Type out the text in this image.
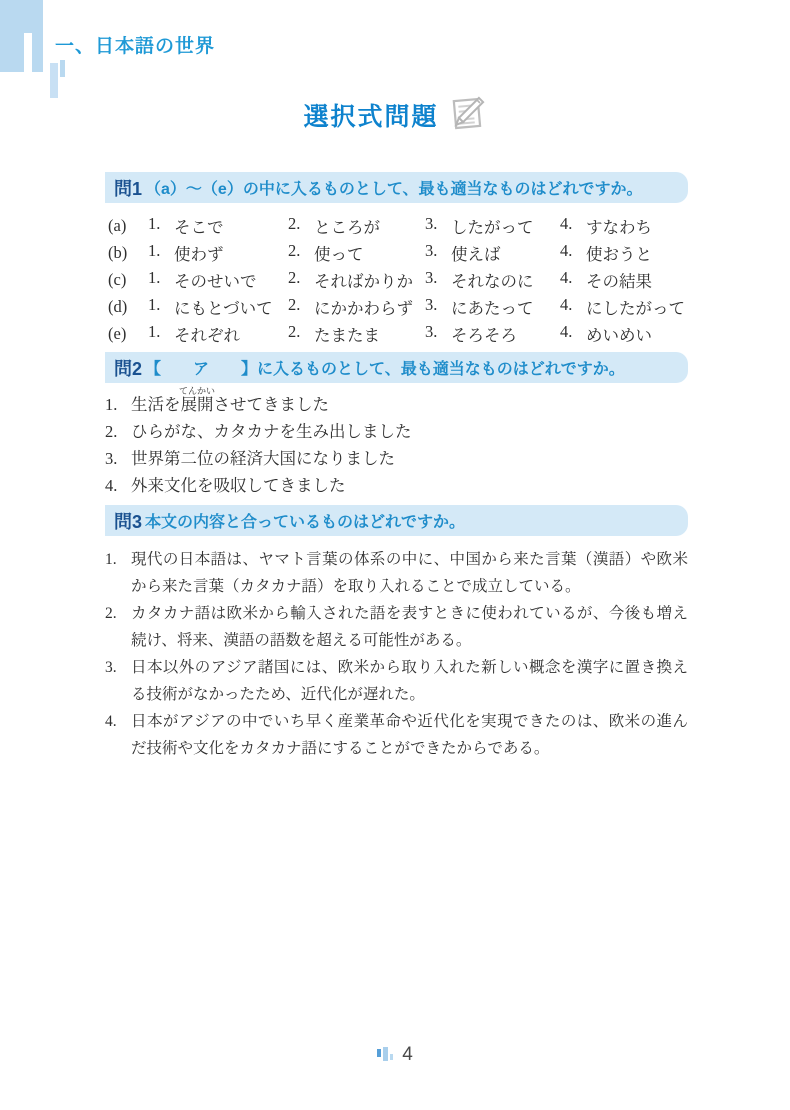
一、日本語の世界
選択式問題
問1 （a）～（e）の中に入るものとして、最も適当なものはどれですか。
(a)	1. そこで	2. ところが	3. したがって 4. すなわち
(b)	1. 使わず	2. 使って	3. 使えば	4. 使おうと
(c)	1. そのせいで 2. そればかりか 3. それなのに 4. その結果
(d)	1. にもとづいて 2. にかかわらず 3. にあたって 4. にしたがって
(e)	1. それぞれ	2. たまたま	3. そろそろ	4. めいめい
問2 【　　ア　　】に入るものとして、最も適当なものはどれですか。
1. 生活を
てんかい
展開させてきました
2. ひらがな、カタカナを生み出しました
3. 世界第二位の経済大国になりました
4. 外来文化を吸収してきました
問3 本文の内容と合っているものはどれですか。
1. 現代の日本語は、ヤマト言葉の体系の中に、中国から来た言葉（漢語）や欧米から来た言葉（カタカナ語）を取り入れることで成立している。
2. カタカナ語は欧米から輸入された語を表すときに使われているが、今後も増え続け、将来、漢語の語数を超える可能性がある。
3. 日本以外のアジア諸国には、欧米から取り入れた新しい概念を漢字に置き換える技術がなかったため、近代化が遅れた。
4. 日本がアジアの中でいち早く産業革命や近代化を実現できたのは、欧米の進んだ技術や文化をカタカナ語にすることができたからである。
4
